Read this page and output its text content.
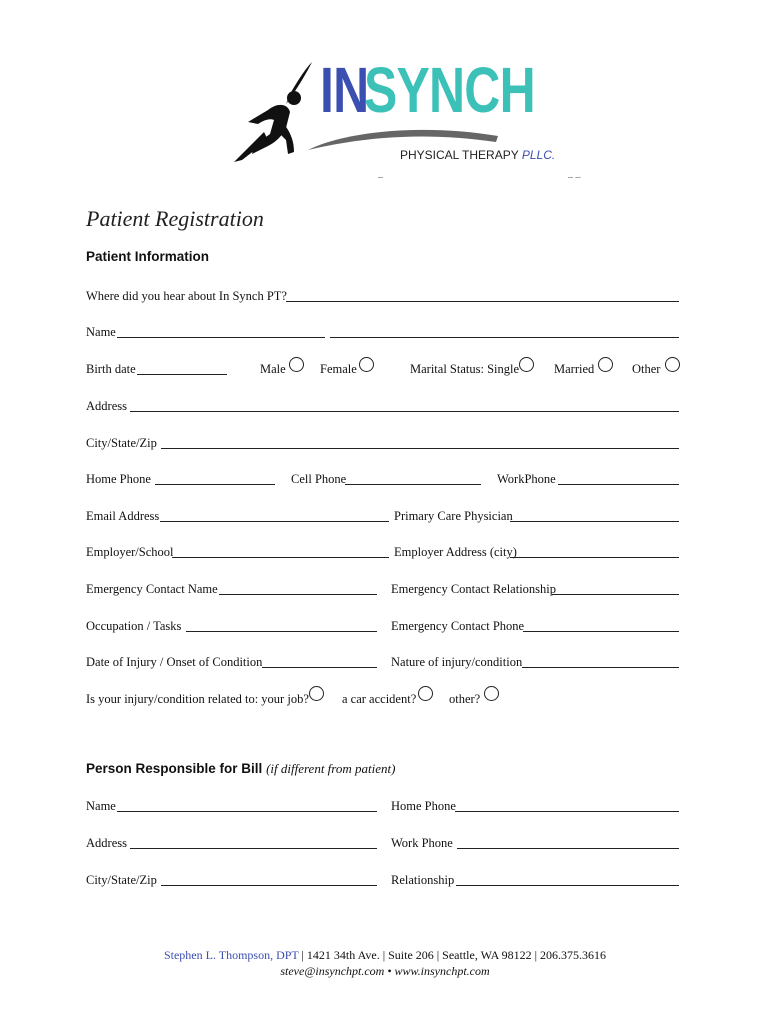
IN
SYNCH
PHYSICAL THERAPY PLLC.
–	– –
Patient Registration
Patient Information
Where did you hear about In Synch PT?
Name
Birth date	Male	Female	Marital Status: Single	Married	Other
Address
City/State/Zip
Home Phone	Cell Phone	WorkPhone
Email Address	Primary Care Physician
Employer/School	Employer Address (city)
Emergency Contact Name	Emergency Contact Relationship
Occupation / Tasks	Emergency Contact Phone
Date of Injury / Onset of Condition	Nature of injury/condition
Is your injury/condition related to: your job?	a car accident?	other?
Person Responsible for Bill (if different from patient)
Name	Home Phone
Address	Work Phone
City/State/Zip	Relationship
Stephen L. Thompson, DPT | 1421 34th Ave. | Suite 206 | Seattle, WA 98122 | 206.375.3616
steve@insynchpt.com • www.insynchpt.com
